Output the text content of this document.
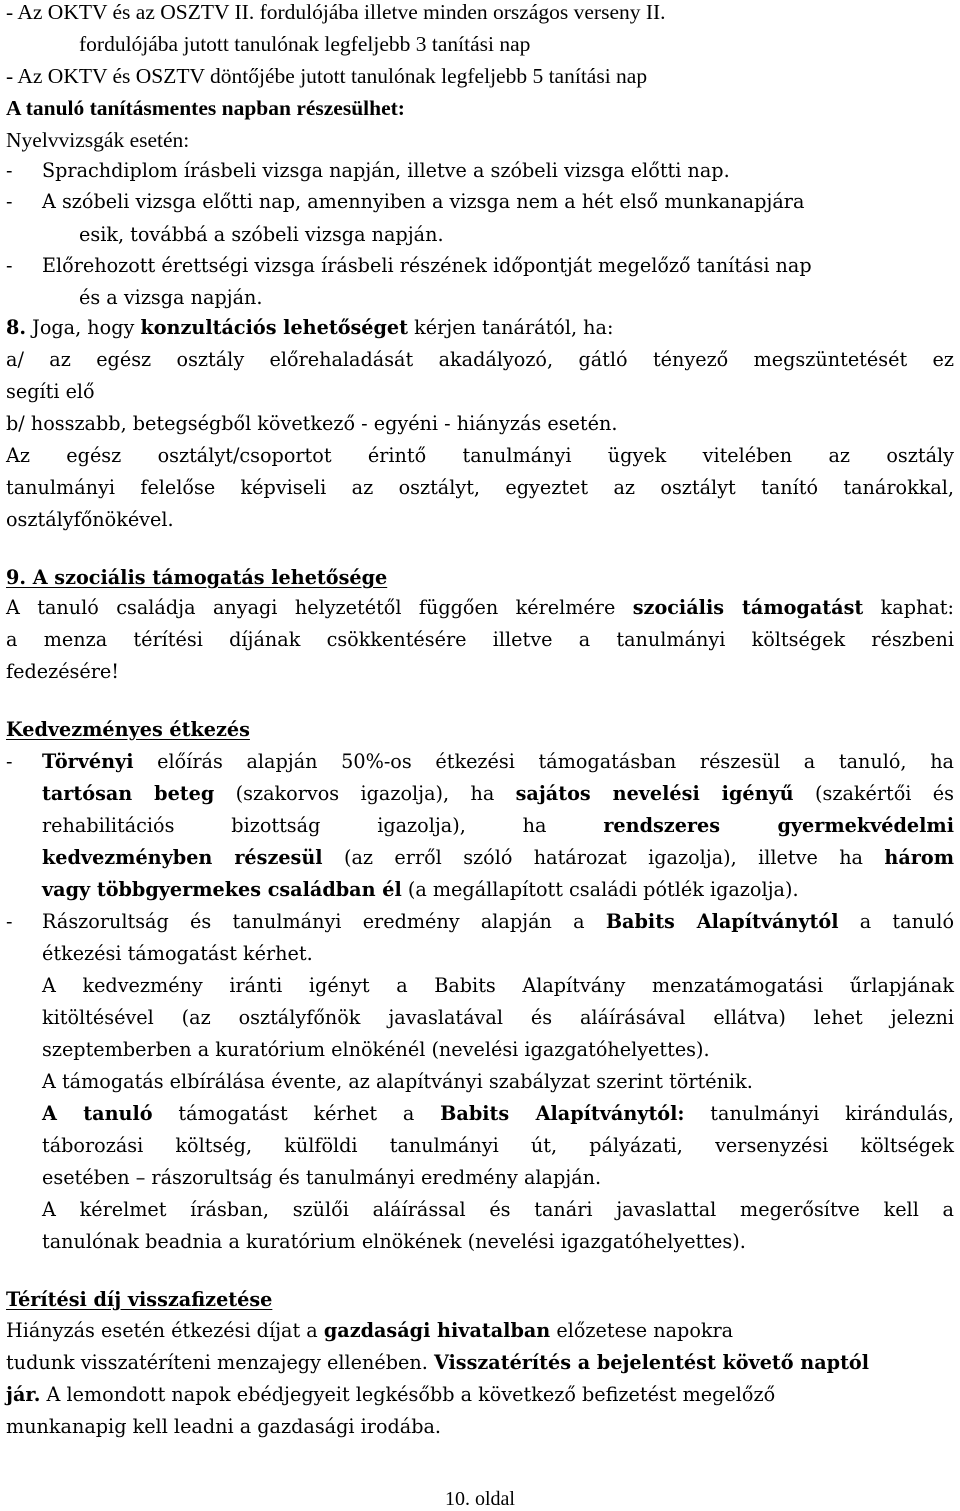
- Az OKTV és az OSZTV II. fordulójába illetve minden országos verseny II.
fordulójába jutott tanulónak legfeljebb 3 tanítási nap
- Az OKTV és OSZTV döntőjébe jutott tanulónak legfeljebb 5 tanítási nap
A tanuló tanításmentes napban részesülhet:
Nyelvvizsgák esetén:
- Sprachdiplom írásbeli vizsga napján, illetve a szóbeli vizsga előtti nap.
- A szóbeli vizsga előtti nap, amennyiben a vizsga nem a hét első munkanapjára
esik, továbbá a szóbeli vizsga napján.
- Előrehozott érettségi vizsga írásbeli részének időpontját megelőző tanítási nap
és a vizsga napján.
8. Joga, hogy konzultációs lehetőséget kérjen tanárától, ha:
a/ az egész osztály előrehaladását akadályozó, gátló tényező megszüntetését ez
segíti elő
b/ hosszabb, betegségből következő - egyéni - hiányzás esetén.
Az egész osztályt/csoportot érintő tanulmányi ügyek vitelében az osztály
tanulmányi felelőse képviseli az osztályt, egyeztet az osztályt tanító tanárokkal,
osztályfőnökével.
9. A szociális támogatás lehetősége
A tanuló családja anyagi helyzetétől függően kérelmére szociális támogatást kaphat:
a menza térítési díjának csökkentésére illetve a tanulmányi költségek részbeni
fedezésére!
Kedvezményes étkezés
- Törvényi előírás alapján 50%-os étkezési támogatásban részesül a tanuló, ha
tartósan beteg (szakorvos igazolja), ha sajátos nevelési igényű (szakértői és
rehabilitációs bizottság igazolja), ha	rendszeres gyermekvédelmi
kedvezményben részesül (az erről szóló határozat igazolja), illetve ha három
vagy többgyermekes családban él (a megállapított családi pótlék igazolja).
- Rászorultság és tanulmányi eredmény alapján a Babits Alapítványtól a tanuló
étkezési támogatást kérhet.
A kedvezmény iránti igényt a Babits Alapítvány menzatámogatási űrlapjának
kitöltésével (az osztályfőnök javaslatával és aláírásával ellátva) lehet jelezni
szeptemberben a kuratórium elnökénél (nevelési igazgatóhelyettes).
A támogatás elbírálása évente, az alapítványi szabályzat szerint történik.
A tanuló támogatást kérhet a Babits Alapítványtól: tanulmányi kirándulás,
táborozási költség, külföldi tanulmányi út, pályázati, versenyzési költségek
esetében – rászorultság és tanulmányi eredmény alapján.
A kérelmet írásban, szülői aláírással és tanári javaslattal megerősítve kell a
tanulónak beadnia a kuratórium elnökének (nevelési igazgatóhelyettes).
Térítési díj visszafizetése
Hiányzás esetén étkezési díjat a gazdasági hivatalban előzetese napokra
tudunk visszatéríteni menzajegy ellenében. Visszatérítés a bejelentést követő naptól
jár. A lemondott napok ebédjegyeit legkésőbb a következő befizetést megelőző
munkanapig kell leadni a gazdasági irodába.
10. oldal
